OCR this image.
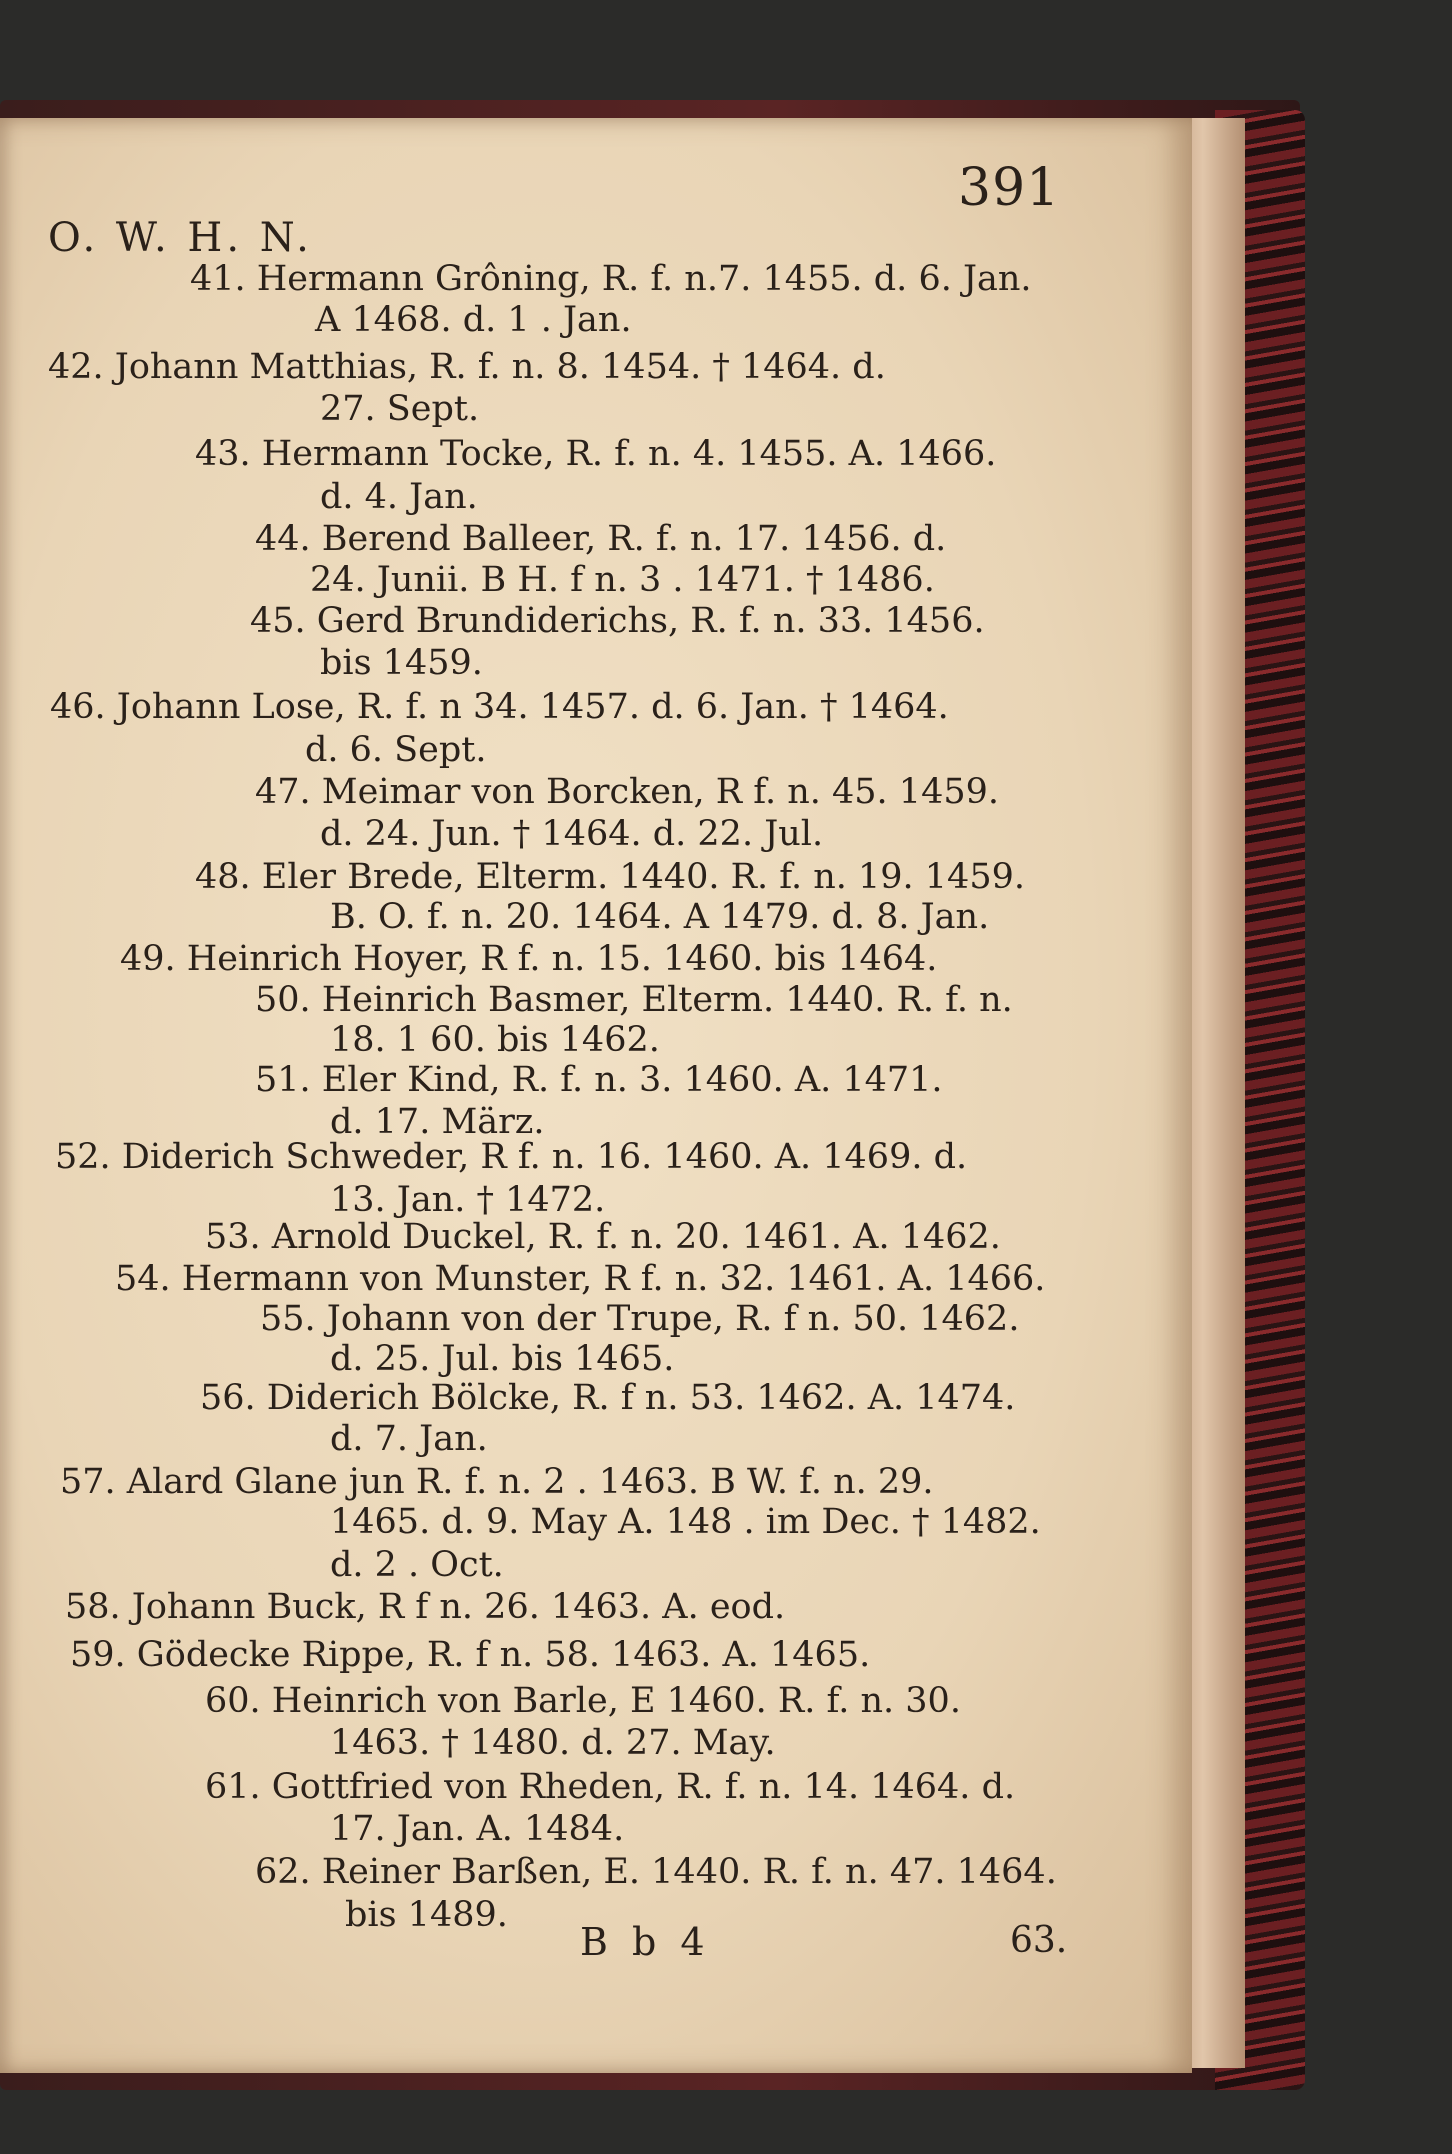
391
O. W. H. N.
41. Hermann Grôning, R. f. n.7. 1455. d. 6. Jan.
A 1468. d. 1 . Jan.
42. Johann Matthias, R. f. n. 8. 1454. † 1464. d.
27. Sept.
43. Hermann Tocke, R. f. n. 4. 1455. A. 1466.
d. 4. Jan.
44. Berend Balleer, R. f. n. 17. 1456. d.
24. Junii. B H. f n. 3 . 1471. † 1486.
45. Gerd Brundiderichs, R. f. n. 33. 1456.
bis 1459.
46. Johann Lose, R. f. n 34. 1457. d. 6. Jan. † 1464.
d. 6. Sept.
47. Meimar von Borcken, R f. n. 45. 1459.
d. 24. Jun. † 1464. d. 22. Jul.
48. Eler Brede, Elterm. 1440. R. f. n. 19. 1459.
B. O. f. n. 20. 1464. A 1479. d. 8. Jan.
49. Heinrich Hoyer, R f. n. 15. 1460. bis 1464.
50. Heinrich Basmer, Elterm. 1440. R. f. n.
18. 1 60. bis 1462.
51. Eler Kind, R. f. n. 3. 1460. A. 1471.
d. 17. März.
52. Diderich Schweder, R f. n. 16. 1460. A. 1469. d.
13. Jan. † 1472.
53. Arnold Duckel, R. f. n. 20. 1461. A. 1462.
54. Hermann von Munster, R f. n. 32. 1461. A. 1466.
55. Johann von der Trupe, R. f n. 50. 1462.
d. 25. Jul. bis 1465.
56. Diderich Bölcke, R. f n. 53. 1462. A. 1474.
d. 7. Jan.
57. Alard Glane jun R. f. n. 2 . 1463. B W. f. n. 29.
1465. d. 9. May A. 148 . im Dec. † 1482.
d. 2 . Oct.
58. Johann Buck, R f n. 26. 1463. A. eod.
59. Gödecke Rippe, R. f n. 58. 1463. A. 1465.
60. Heinrich von Barle, E 1460. R. f. n. 30.
1463. † 1480. d. 27. May.
61. Gottfried von Rheden, R. f. n. 14. 1464. d.
17. Jan. A. 1484.
62. Reiner Barßen, E. 1440. R. f. n. 47. 1464.
bis 1489.
B b 4	63.
